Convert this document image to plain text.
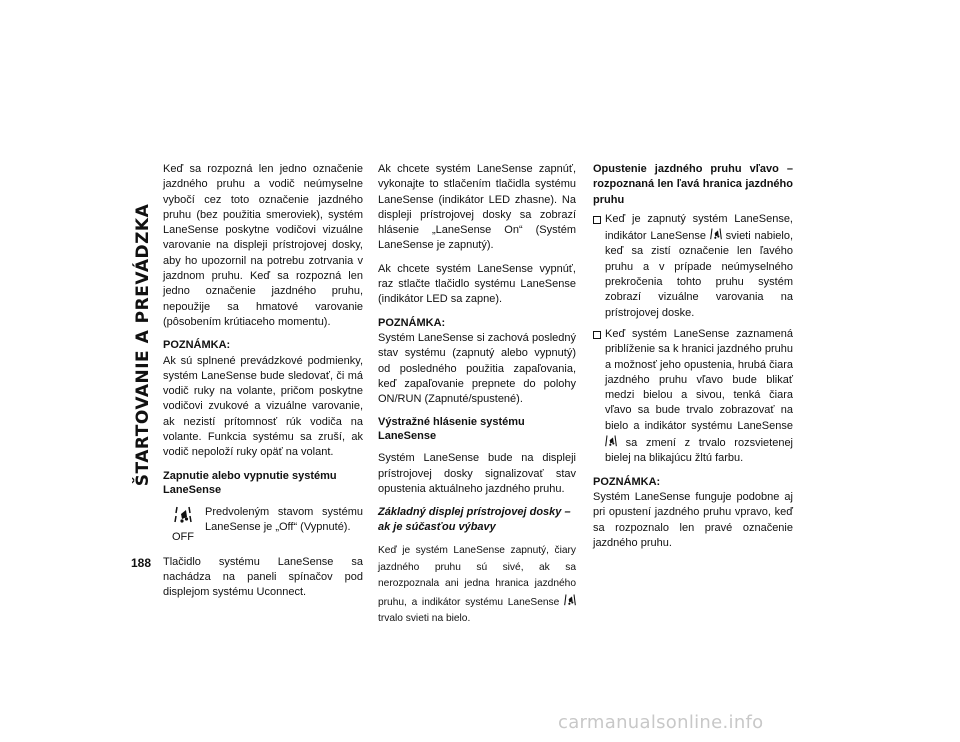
ŠTARTOVANIE A PREVÁDZKA
188

Keď sa rozpozná len jedno označenie jazdného pruhu a vodič neúmyselne vybočí cez toto označenie jazdného pruhu (bez použitia smeroviek), systém LaneSense poskytne vodičovi vizuálne varovanie na displeji prístrojovej dosky, aby ho upozornil na potrebu zotrvania v jazdnom pruhu. Keď sa rozpozná len jedno označenie jazdného pruhu, nepoužije sa hmatové varovanie (pôsobením krútiaceho momentu).

POZNÁMKA:

Ak sú splnené prevádzkové podmienky, systém LaneSense bude sledovať, či má vodič ruky na volante, pričom poskytne vodičovi zvukové a vizuálne varovanie, ak nezistí prítomnosť rúk vodiča na volante. Funkcia systému sa zruší, ak vodič nepoloží ruky opäť na volant.

Zapnutie alebo vypnutie systému LaneSense
OFF
Predvoleným stavom systému LaneSense je „Off“ (Vypnuté).

Tlačidlo systému LaneSense sa nachádza na paneli spínačov pod displejom systému Uconnect.

Ak chcete systém LaneSense zapnúť, vykonajte to stlačením tlačidla systému LaneSense (indikátor LED zhasne). Na displeji prístrojovej dosky sa zobrazí hlásenie „LaneSense On“ (Systém LaneSense je zapnutý).

Ak chcete systém LaneSense vypnúť, raz stlačte tlačidlo systému LaneSense (indikátor LED sa zapne).

POZNÁMKA:

Systém LaneSense si zachová posledný stav systému (zapnutý alebo vypnutý) od posledného použitia zapaľovania, keď zapaľovanie prepnete do polohy ON/RUN (Zapnuté/spustené).

Výstražné hlásenie systému LaneSense

Systém LaneSense bude na displeji prístrojovej dosky signalizovať stav opustenia aktuálneho jazdného pruhu.

Základný displej prístrojovej dosky – ak je súčasťou výbavy

Keď je systém LaneSense zapnutý, čiary jazdného pruhu sú sivé, ak sa nerozpoznala ani jedna hranica jazdného pruhu, a indikátor systému LaneSense  trvalo svieti na bielo.

Opustenie jazdného pruhu vľavo – rozpoznaná len ľavá hranica jazdného pruhu

Keď je zapnutý systém LaneSense, indikátor LaneSense svieti nabielo, keď sa zistí označenie len ľavého pruhu a v prípade neúmyselného prekročenia tohto pruhu systém zobrazí vizuálne varovania na prístrojovej doske.
Keď systém LaneSense zaznamená priblíženie sa k hranici jazdného pruhu a možnosť jeho opustenia, hrubá čiara jazdného pruhu vľavo bude blikať medzi bielou a sivou, tenká čiara vľavo sa bude trvalo zobrazovať na bielo a indikátor systému LaneSense  sa zmení z trvalo rozsvietenej bielej na blikajúcu žltú farbu.
POZNÁMKA:

Systém LaneSense funguje podobne aj pri opustení jazdného pruhu vpravo, keď sa rozpoznalo len pravé označenie jazdného pruhu.

carmanualsonline.info
